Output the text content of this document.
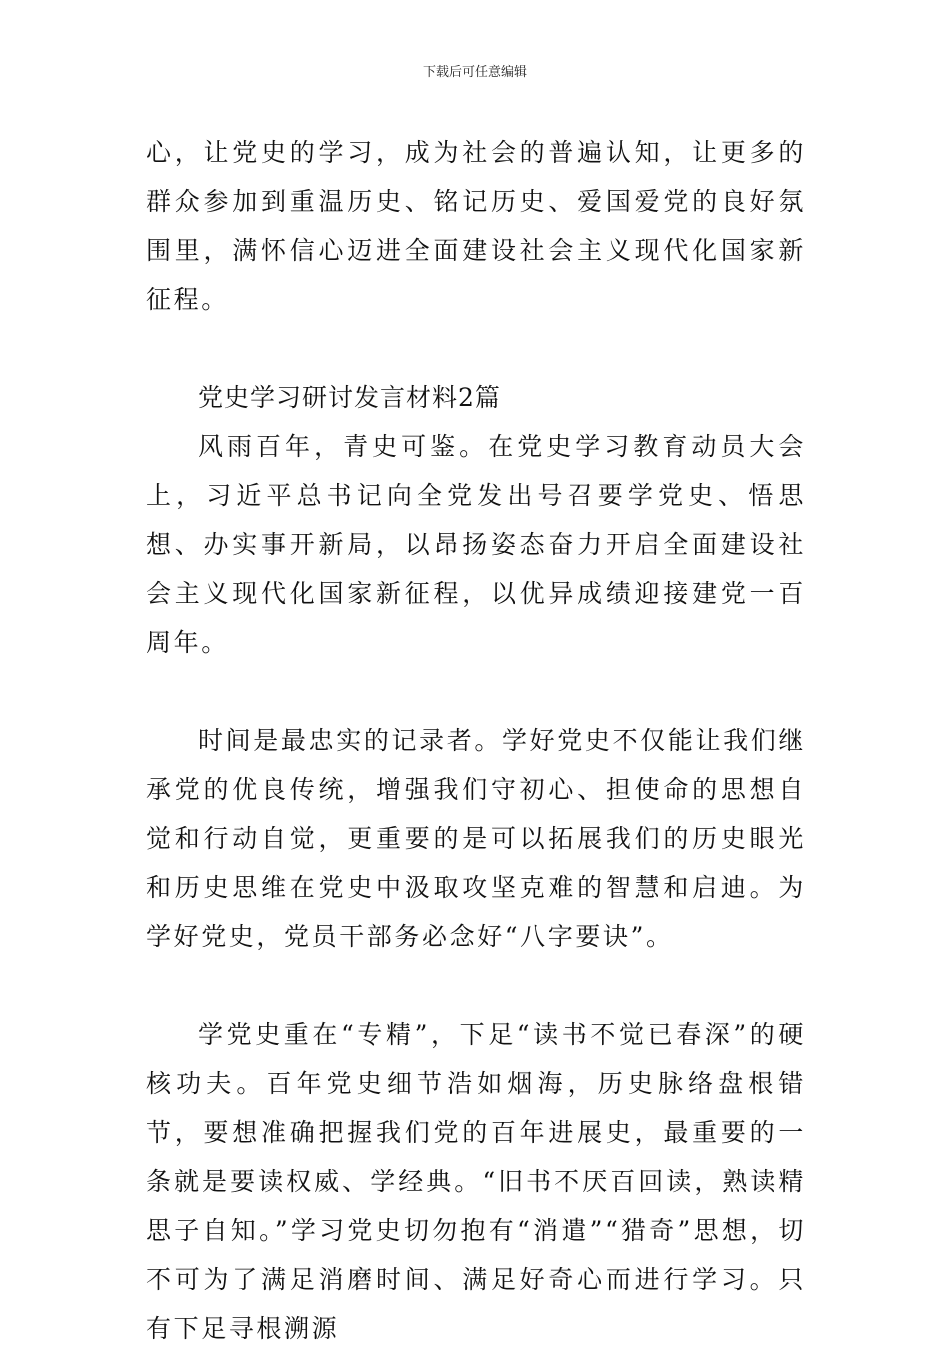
下载后可任意编辑

心，让党史的学习，成为社会的普遍认知，让更多的群众参加到重温历史、铭记历史、爱国爱党的良好氛围里，满怀信心迈进全面建设社会主义现代化国家新征程。

党史学习研讨发言材料2篇

风雨百年，青史可鉴。在党史学习教育动员大会上，习近平总书记向全党发出号召要学党史、悟思想、办实事开新局，以昂扬姿态奋力开启全面建设社会主义现代化国家新征程，以优异成绩迎接建党一百周年。

时间是最忠实的记录者。学好党史不仅能让我们继承党的优良传统，增强我们守初心、担使命的思想自觉和行动自觉，更重要的是可以拓展我们的历史眼光和历史思维在党史中汲取攻坚克难的智慧和启迪。为学好党史，党员干部务必念好“八字要诀”。

学党史重在“专精”，下足“读书不觉已春深”的硬核功夫。百年党史细节浩如烟海，历史脉络盘根错节，要想准确把握我们党的百年进展史，最重要的一条就是要读权威、学经典。“旧书不厌百回读，熟读精思子自知。”学习党史切勿抱有“消遣”“猎奇”思想，切不可为了满足消磨时间、满足好奇心而进行学习。只有下足寻根溯源
